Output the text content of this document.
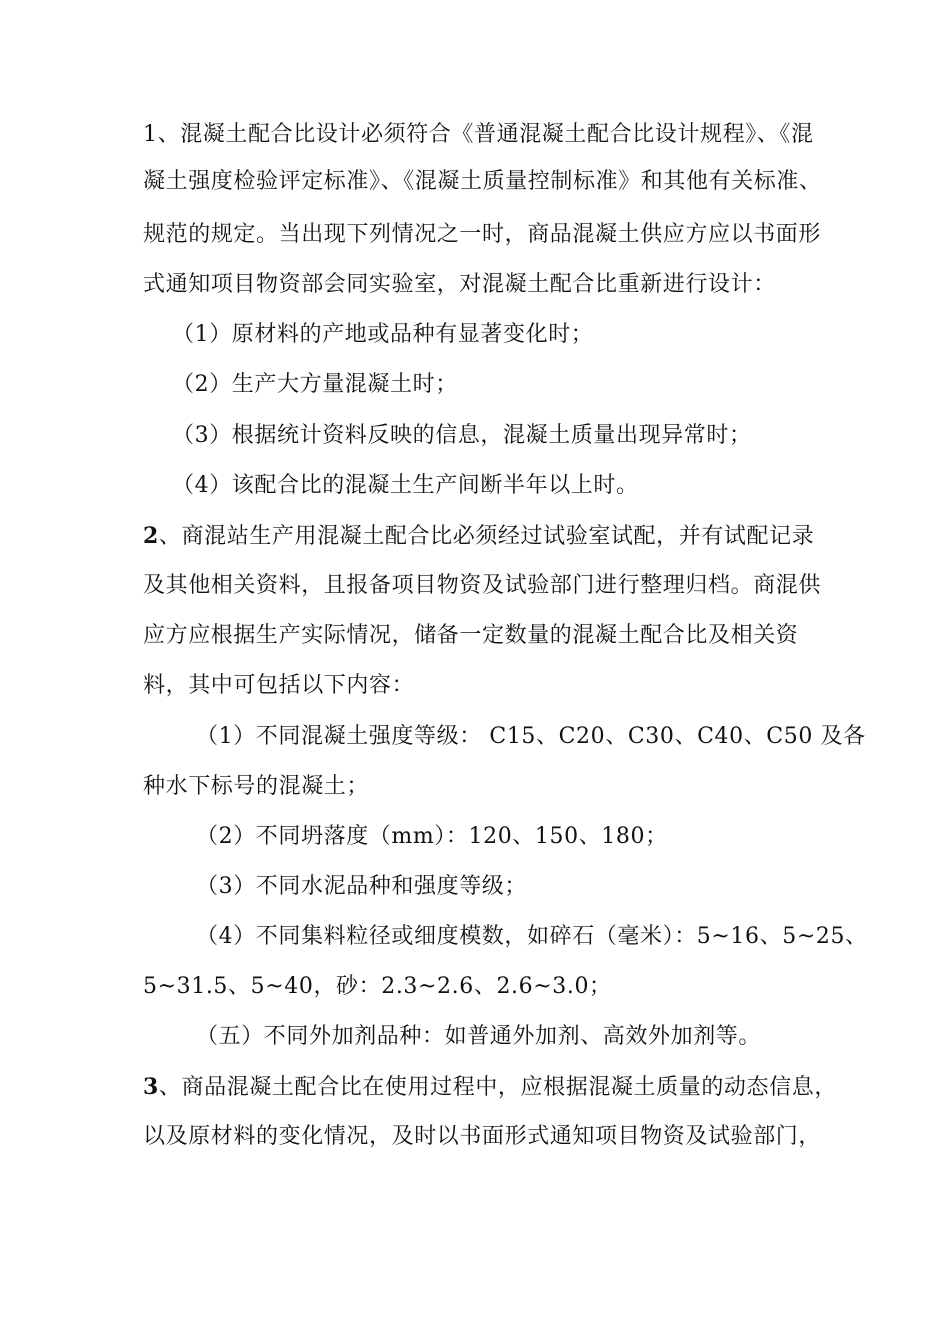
1、混凝土配合比设计必须符合《普通混凝土配合比设计规程》、《混
凝土强度检验评定标准》、《混凝土质量控制标准》和其他有关标准、
规范的规定。当出现下列情况之一时，商品混凝土供应方应以书面形
式通知项目物资部会同实验室，对混凝土配合比重新进行设计：
（1）原材料的产地或品种有显著变化时；
（2）生产大方量混凝土时；
（3）根据统计资料反映的信息，混凝土质量出现异常时；
（4）该配合比的混凝土生产间断半年以上时。
2、商混站生产用混凝土配合比必须经过试验室试配，并有试配记录
及其他相关资料，且报备项目物资及试验部门进行整理归档。商混供
应方应根据生产实际情况，储备一定数量的混凝土配合比及相关资
料，其中可包括以下内容：
（1）不同混凝土强度等级： C15、C20、C30、C40、C50 及各
种水下标号的混凝土；
（2）不同坍落度（mm）：120、150、180；
（3）不同水泥品种和强度等级；
（4）不同集料粒径或细度模数，如碎石（毫米）：5~16、5~25、
5~31.5、5~40，砂：2.3~2.6、2.6~3.0；
（五）不同外加剂品种：如普通外加剂、高效外加剂等。
3、商品混凝土配合比在使用过程中，应根据混凝土质量的动态信息，
以及原材料的变化情况，及时以书面形式通知项目物资及试验部门，
